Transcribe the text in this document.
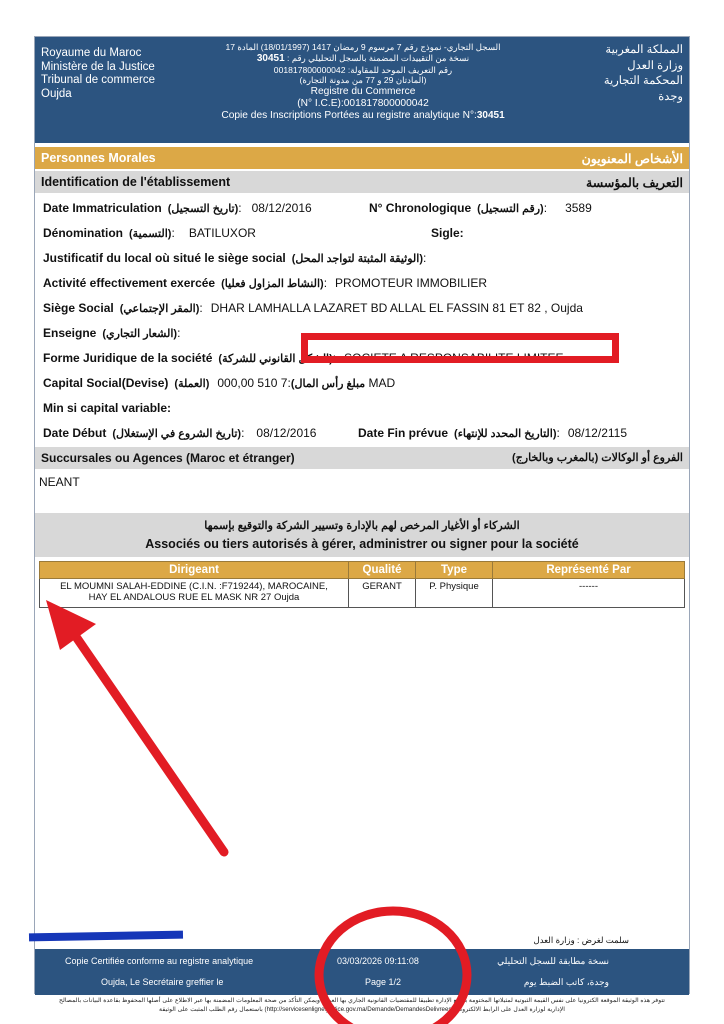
Royaume du Maroc
Ministère de la Justice
Tribunal de commerce
Oujda
السجل التجاري- نموذج رقم 7 مرسوم 9 رمضان 1417 (18/01/1997) المادة 17
نسخة من التقييدات المضمنة بالسجل التحليلي رقم : 30451
رقم التعريف الموحد للمقاولة: 001817800000042
(المادتان 29 و 77 من مدونة التجارة)
Registre du Commerce
(N° I.C.E):001817800000042
Copie des Inscriptions Portées au registre analytique N°:30451
المملكة المغربية
وزارة العدل
المحكمة التجارية
وجدة
Personnes Morales	الأشخاص المعنويون
Identification de l'établissement	التعريف بالمؤسسة
Date Immatriculation (تاريخ التسجيل): 08/12/2016	N° Chronologique (رقم التسجيل): 3589
Dénomination (التسمية): BATILUXOR	Sigle:
Justificatif du local où situé le siège social (الوثيقة المثبتة لتواجد المحل):
Activité effectivement exercée (النشاط المزاول فعليا): PROMOTEUR IMMOBILIER
Siège Social (المقر الإجتماعي): DHAR LAMHALLA LAZARET BD ALLAL EL FASSIN 81 ET 82 , Oujda
Enseigne (الشعار التجاري):
Forme Juridique de la société (الشكل القانوني للشركة): SOCIETE A RESPONSABILITE LIMITEE
Capital Social(Devise) (العملة)مبلغ رأس المال):7 510 000,00 MAD
Min si capital variable:
Date Début (تاريخ الشروع في الإستغلال): 08/12/2016	Date Fin prévue (التاريخ المحدد للإنتهاء): 08/12/2115
Succursales ou Agences (Maroc et étranger)	الفروع أو الوكالات (بالمغرب وبالخارج)
NEANT
الشركاء أو الأغيار المرخص لهم بالإدارة وتسيير الشركة والتوقيع بإسمها
Associés ou tiers autorisés à gérer, administrer ou signer pour la société
Dirigeant	Qualité	Type	Représenté Par

EL MOUMNI SALAH-EDDINE (C.I.N. :F719244), MAROCAINE,
HAY EL ANDALOUS RUE EL MASK NR 27 Oujda	GERANT	P. Physique	------
سلمت لغرض : وزارة العدل
Copie Certifiée conforme au registre analytique
Oujda, Le Secrétaire greffier le
03/03/2026 09:11:08
Page 1/2
نسخة مطابقة للسجل التحليلي
وجدة، كاتب الضبط يوم
تتوفر هذه الوثيقة الموقعة الكترونيا على نفس القيمة الثبوتية لمثيلاتها المختومة بطابع الإدارة تطبيقا للمقتضيات القانونية الجاري بها العمل. ويمكن التأكد من صحة المعلومات المضمنة بها عبر الاطلاع على أصلها المحفوظ بقاعدة البيانات بالمصالح
الإدارية لوزارة العدل على الرابط الالكتروني (http://servicesenligne.justice.gov.ma/Demande/DemandesDelivrees) باستعمال رقم الطلب المثبت على الوثيقة
